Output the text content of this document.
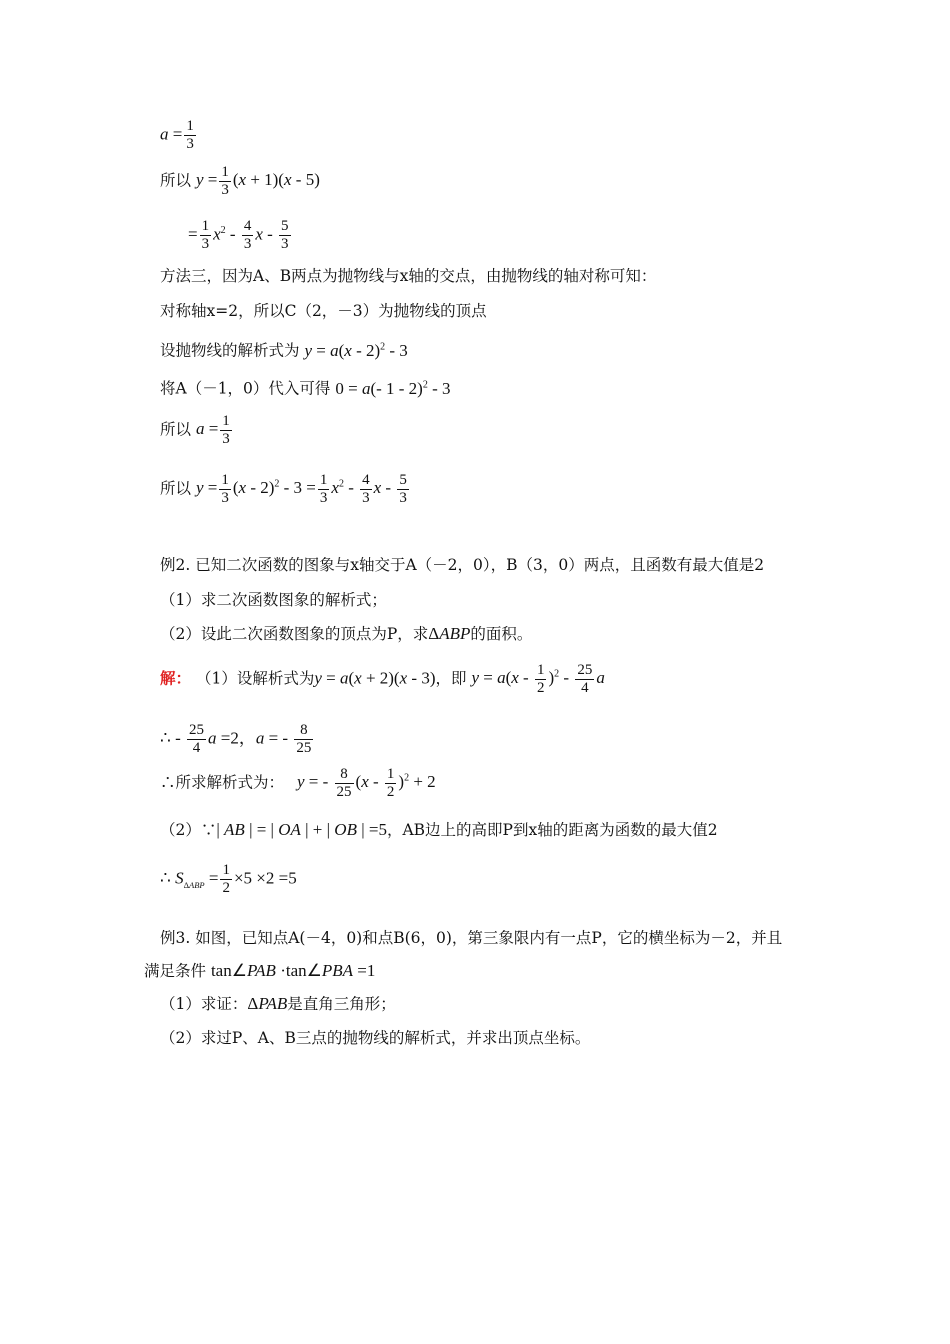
$a = \frac{1}{3}$
所以 $y = \frac{1}{3} (x + 1)(x - 5)$
= $\frac{1}{3} x^2 - \frac{4}{3}$ x - $\frac{5}{3}$
方法三，因为A、B两点为抛物线与x轴的交点，由抛物线的轴对称可知：
对称轴x=2，所以C（2，－3）为抛物线的顶点
设抛物线的解析式为 y = a(x - 2)$^2$ - 3
将A（－1，0）代入可得 0 = a(- 1 - 2)$^2$ - 3
所以 $a = \frac{1}{3}$
所以 $y = \frac{1}{3} (x - 2)^2 - 3 = \frac{1}{3} x^2 - \frac{4}{3}$ x - $\frac{5}{3}$
例2. 已知二次函数的图象与x轴交于A（－2，0），B（3，0）两点，且函数有最大值是2
（1）求二次函数图象的解析式；
（2）设此二次函数图象的顶点为P，求ΔABP的面积。
解： （1）设解析式为y = a(x + 2)(x - 3)，即 $y = a(x - \frac{1}{2} )^2 - \frac{25}{4}$ a
∴ - $\frac{25}{4}$ a =2，a = - $\frac{8}{25}$
∴所求解析式为： y = - $\frac{8}{25} (x - \frac{1}{2} )^2 + 2$
（2）∵| AB | = | OA | + | OB | =5，AB边上的高即P到x轴的距离为函数的最大值2
∴ $S_{\Delta ABP} = \frac{1}{2} \times 5 \times 2 =5$
例3. 如图，已知点A(－4，0)和点B(6，0)，第三象限内有一点P，它的横坐标为－2，并且
满足条件 tan∠PAB ·tan∠PBA =1
（1）求证：ΔPAB是直角三角形；
（2）求过P、A、B三点的抛物线的解析式，并求出顶点坐标。
